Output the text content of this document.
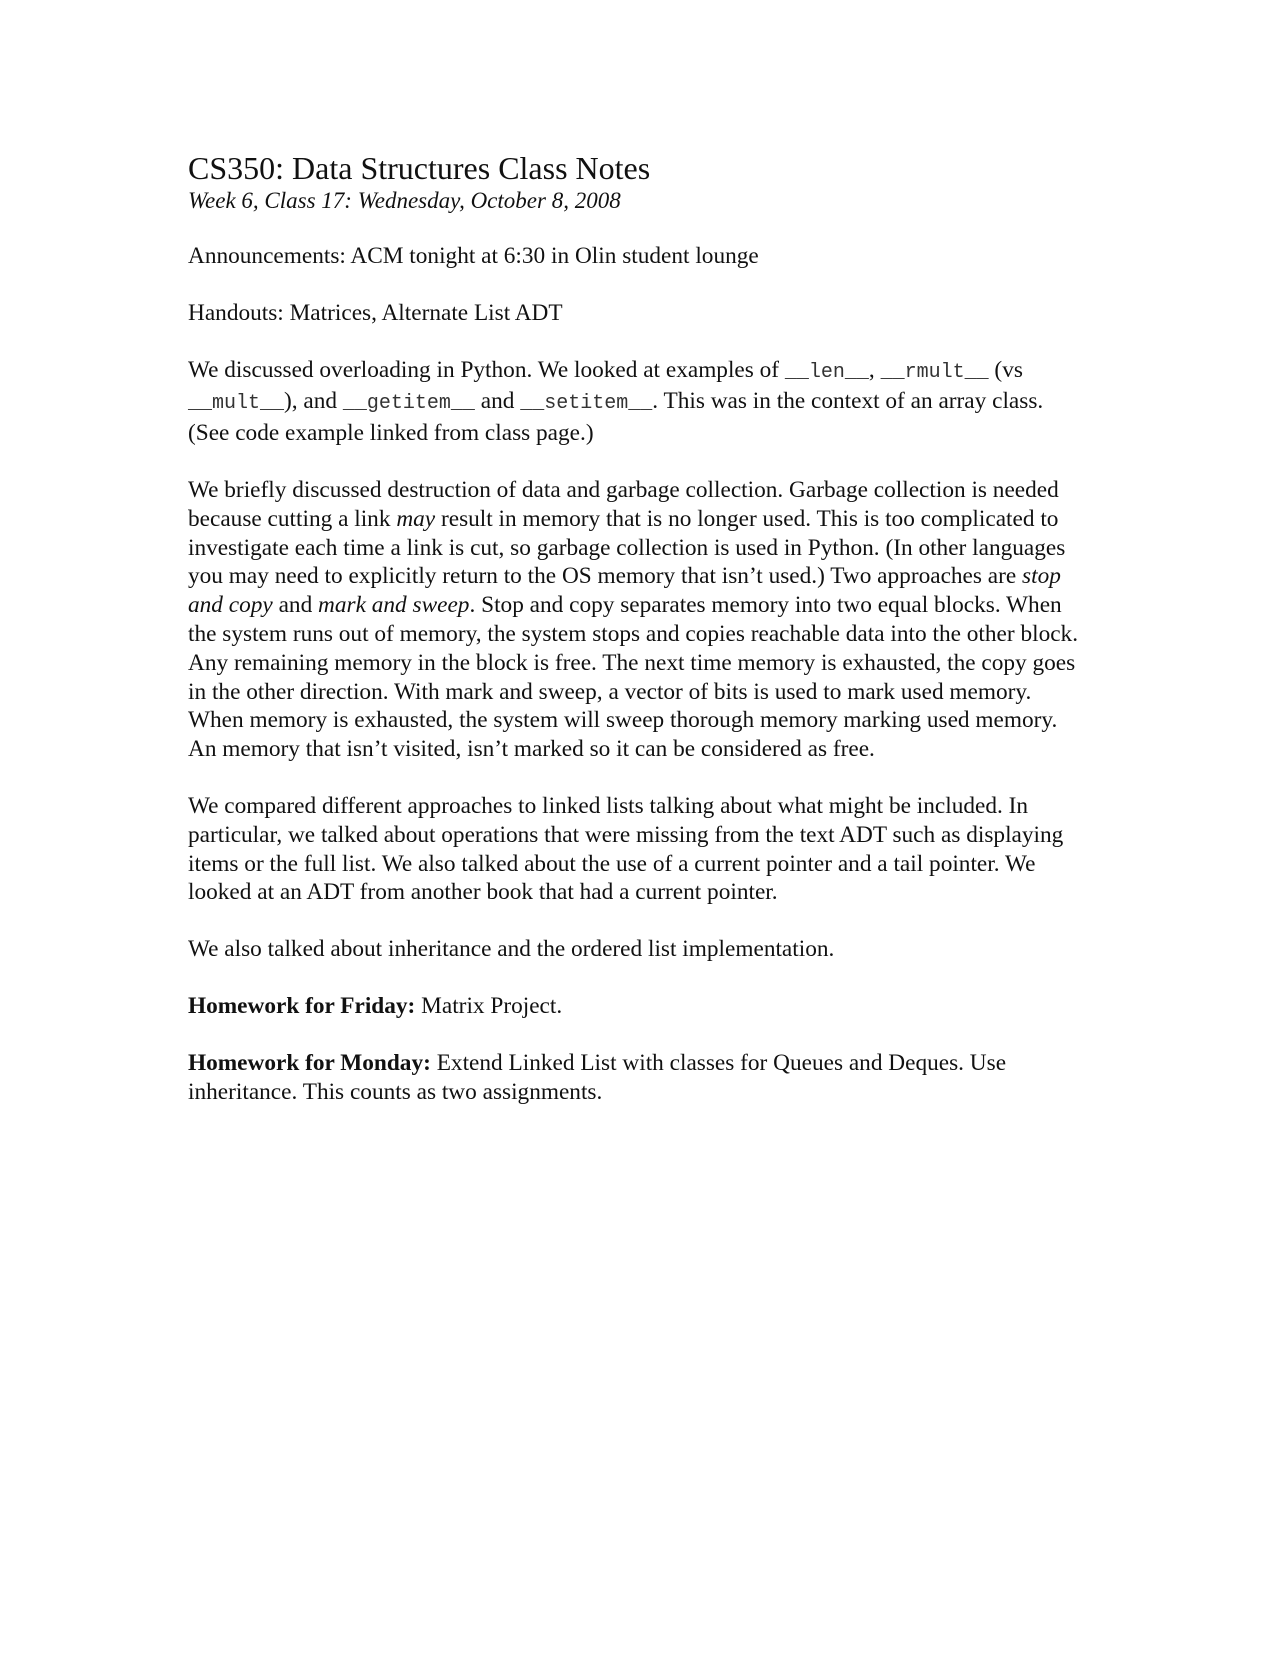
CS350: Data Structures Class Notes
Week 6, Class 17: Wednesday, October 8, 2008

Announcements: ACM tonight at 6:30 in Olin student lounge

Handouts: Matrices, Alternate List ADT

We discussed overloading in Python. We looked at examples of __len__, __rmult__ (vs __mult__), and __getitem__ and __setitem__. This was in the context of an array class. (See code example linked from class page.)

We briefly discussed destruction of data and garbage collection. Garbage collection is needed because cutting a link may result in memory that is no longer used. This is too complicated to investigate each time a link is cut, so garbage collection is used in Python. (In other languages you may need to explicitly return to the OS memory that isn’t used.) Two approaches are stop and copy and mark and sweep. Stop and copy separates memory into two equal blocks. When the system runs out of memory, the system stops and copies reachable data into the other block. Any remaining memory in the block is free. The next time memory is exhausted, the copy goes in the other direction. With mark and sweep, a vector of bits is used to mark used memory. When memory is exhausted, the system will sweep thorough memory marking used memory. An memory that isn’t visited, isn’t marked so it can be considered as free.

We compared different approaches to linked lists talking about what might be included. In particular, we talked about operations that were missing from the text ADT such as displaying items or the full list. We also talked about the use of a current pointer and a tail pointer. We looked at an ADT from another book that had a current pointer.

We also talked about inheritance and the ordered list implementation.

Homework for Friday: Matrix Project.

Homework for Monday: Extend Linked List with classes for Queues and Deques. Use inheritance. This counts as two assignments.
